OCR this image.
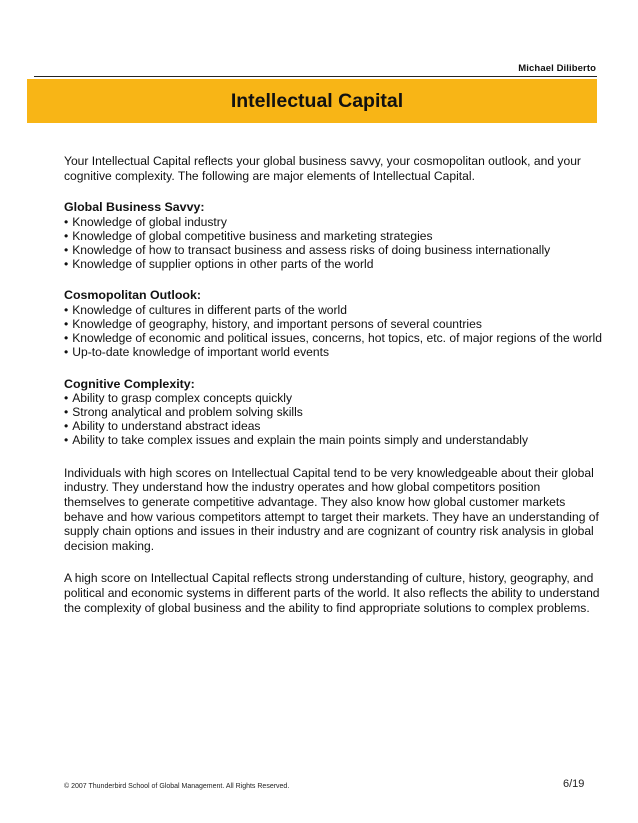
Michael Diliberto
Intellectual Capital

Your Intellectual Capital reflects your global business savvy, your cosmopolitan outlook, and your cognitive complexity. The following are major elements of Intellectual Capital.

Global Business Savvy:
• Knowledge of global industry
• Knowledge of global competitive business and marketing strategies
• Knowledge of how to transact business and assess risks of doing business internationally
• Knowledge of supplier options in other parts of the world
Cosmopolitan Outlook:
• Knowledge of cultures in different parts of the world
• Knowledge of geography, history, and important persons of several countries
• Knowledge of economic and political issues, concerns, hot topics, etc. of major regions of the world
• Up-to-date knowledge of important world events
Cognitive Complexity:
• Ability to grasp complex concepts quickly
• Strong analytical and problem solving skills
• Ability to understand abstract ideas
• Ability to take complex issues and explain the main points simply and understandably

Individuals with high scores on Intellectual Capital tend to be very knowledgeable about their global industry. They understand how the industry operates and how global competitors position themselves to generate competitive advantage. They also know how global customer markets behave and how various competitors attempt to target their markets. They have an understanding of supply chain options and issues in their industry and are cognizant of country risk analysis in global decision making.

A high score on Intellectual Capital reflects strong understanding of culture, history, geography, and political and economic systems in different parts of the world. It also reflects the ability to understand the complexity of global business and the ability to find appropriate solutions to complex problems.

© 2007 Thunderbird School of Global Management. All Rights Reserved.	6/19
